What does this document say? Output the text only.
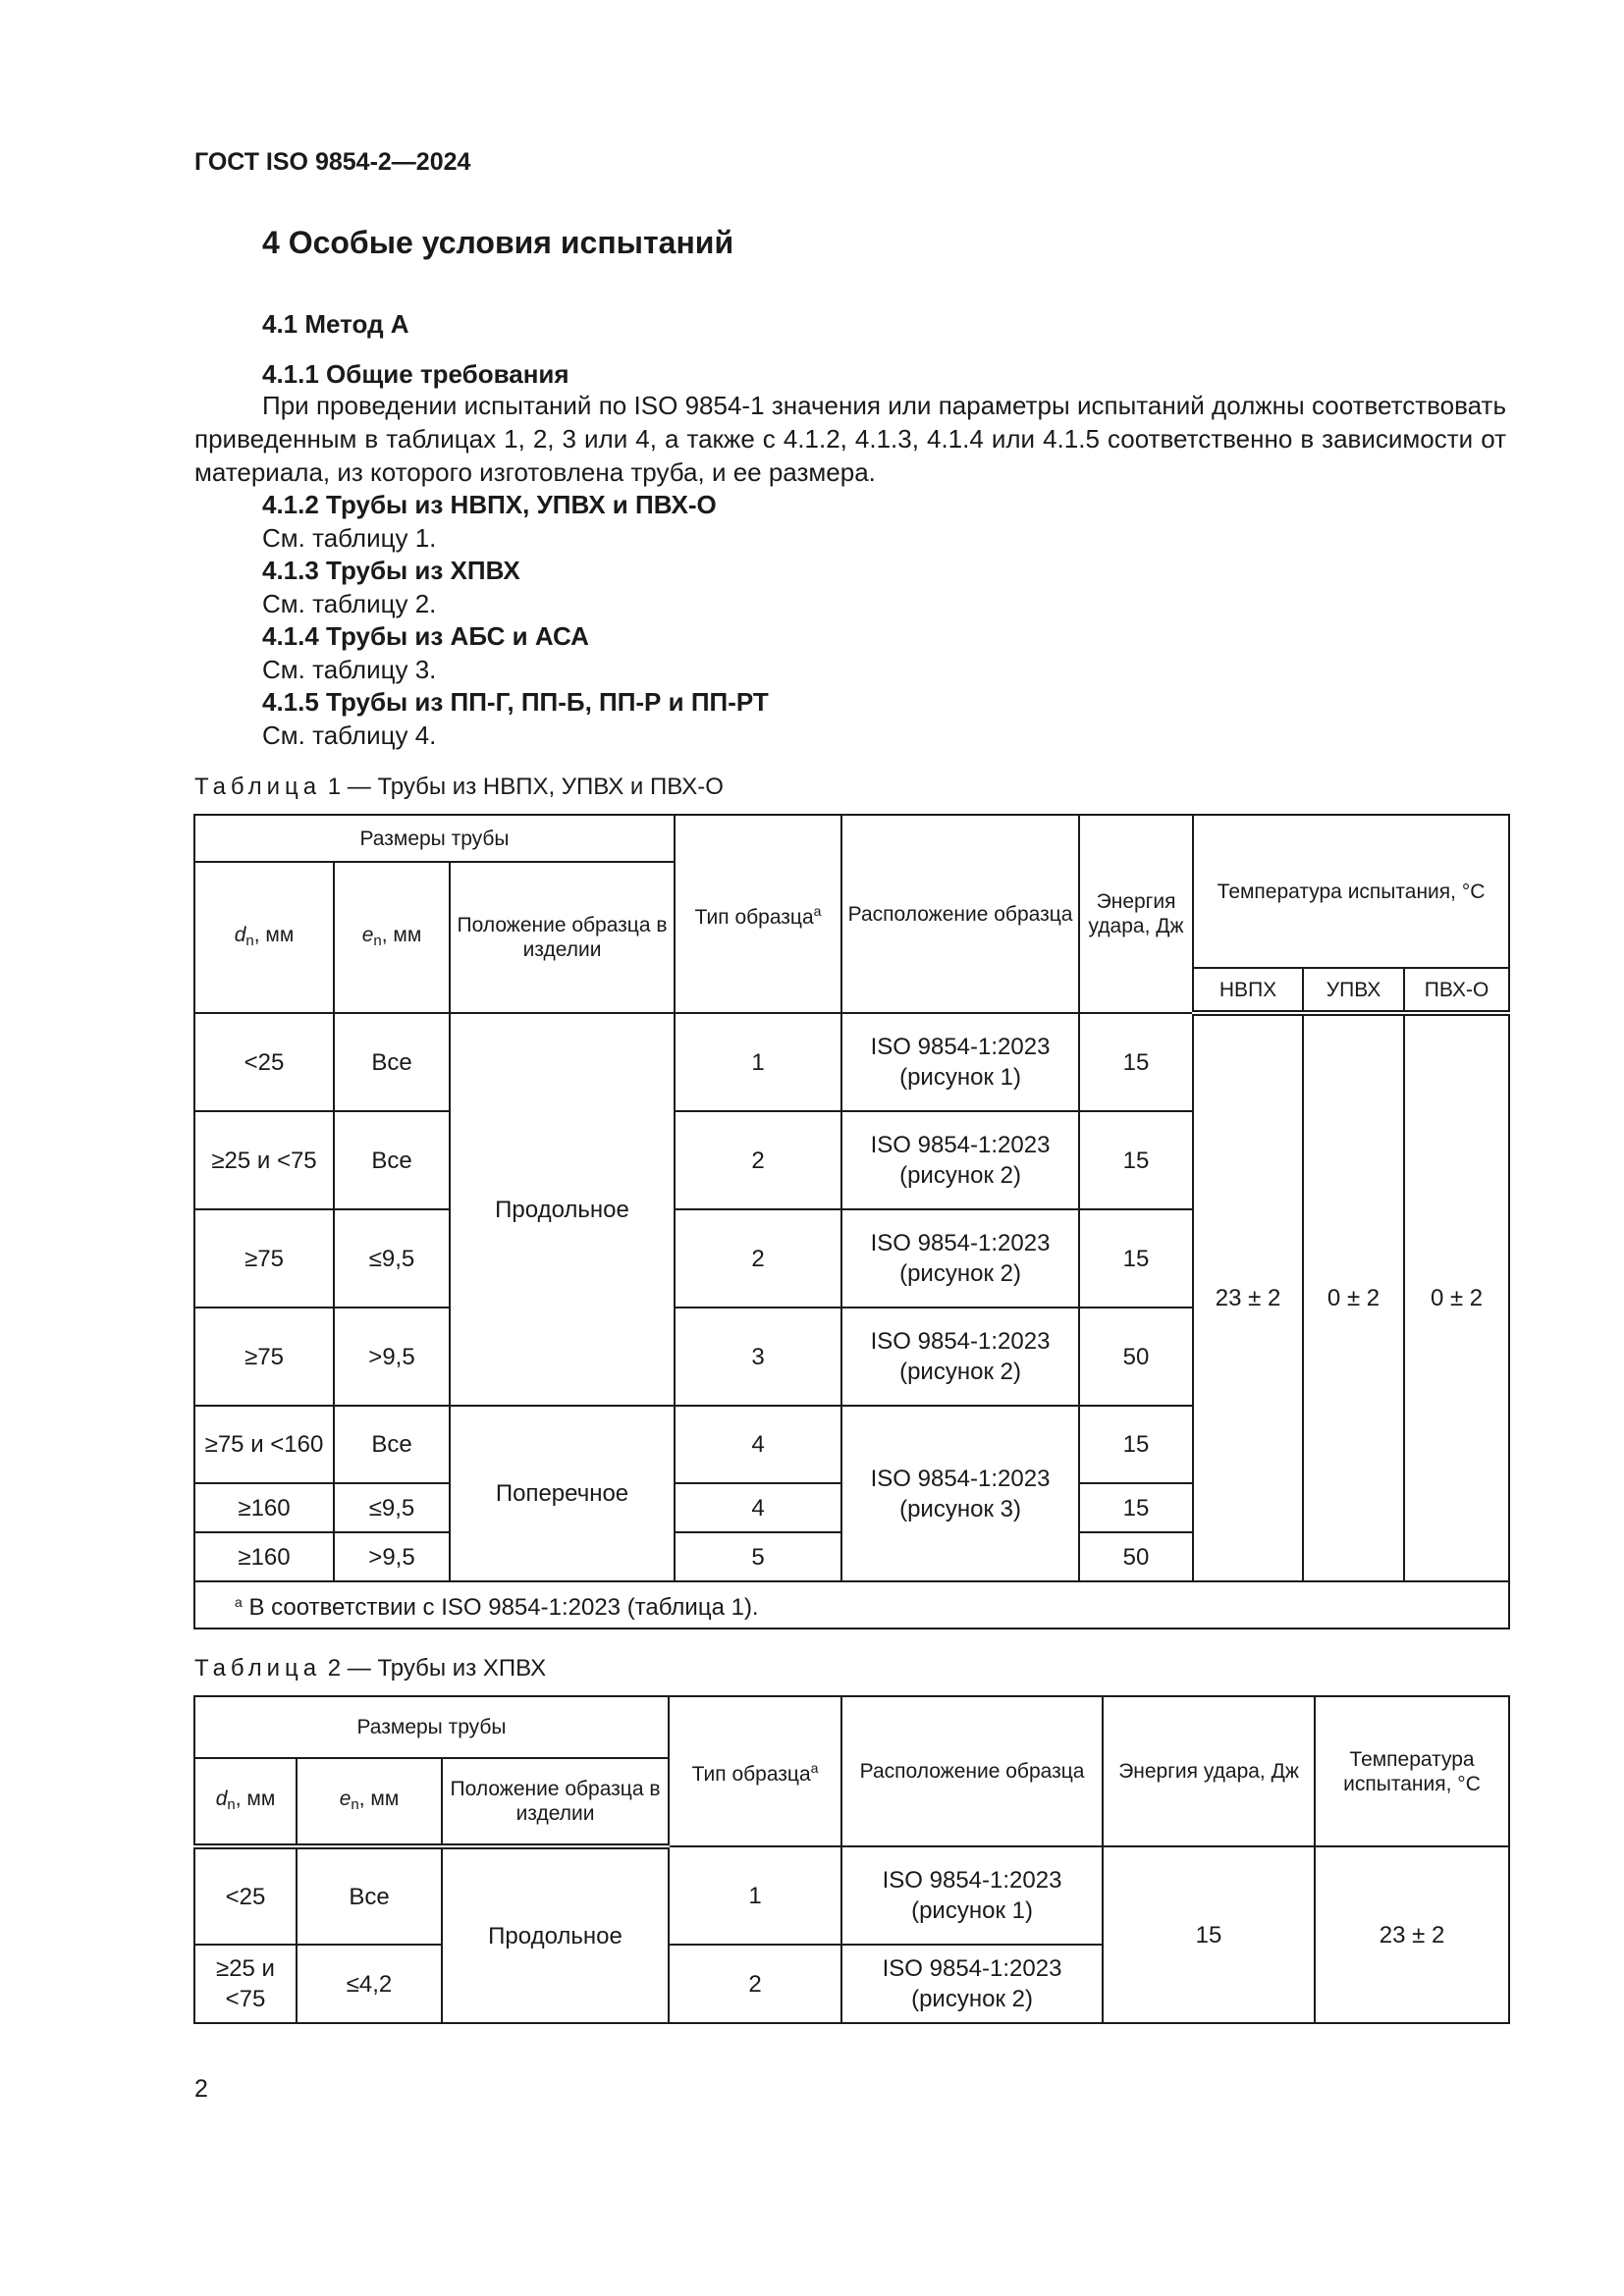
ГОСТ ISO 9854-2—2024
4 Особые условия испытаний
4.1 Метод А
4.1.1 Общие требования
При проведении испытаний по ISO 9854-1 значения или параметры испытаний должны соответствовать приведенным в таблицах 1, 2, 3 или 4, а также с 4.1.2, 4.1.3, 4.1.4 или 4.1.5 соответственно в зависимости от материала, из которого изготовлена труба, и ее размера.
4.1.2 Трубы из НВПХ, УПВХ и ПВХ-О
См. таблицу 1.
4.1.3 Трубы из ХПВХ
См. таблицу 2.
4.1.4 Трубы из АБС и АСА
См. таблицу 3.
4.1.5 Трубы из ПП-Г, ПП-Б, ПП-Р и ПП-РТ
См. таблицу 4.
Таблица 1 — Трубы из НВПХ, УПВХ и ПВХ-О
Размеры трубы			Тип образца$^a$	Расположение образца	Энергия удара, Дж	Температура испытания, °С		
$d_n$, мм	$e_n$, мм	Положение образца в изделии						
						НВПХ	УПВХ	ПВХ-О
<25	Все	Продольное	1	ISO 9854-1:2023 (рисунок 1)	15	23 ± 2	0 ± 2	0 ± 2
≥25 и <75	Все		2	ISO 9854-1:2023 (рисунок 2)	15			
≥75	≤9,5		2	ISO 9854-1:2023 (рисунок 2)	15			
≥75	>9,5		3	ISO 9854-1:2023 (рисунок 2)	50			
≥75 и <160	Все	Поперечное	4	ISO 9854-1:2023 (рисунок 3)	15			
≥160	≤9,5		4		15			
≥160	>9,5		5		50			
$^a$ В соответствии с ISO 9854-1:2023 (таблица 1).								
Таблица 2 — Трубы из ХПВХ
Размеры трубы			Тип образца$^a$	Расположение образца	Энергия удара, Дж	Температура испытания, °С
$d_n$, мм	$e_n$, мм	Положение образца в изделии				
<25	Все	Продольное	1	ISO 9854-1:2023 (рисунок 1)	15	23 ± 2
≥25 и <75	≤4,2		2	ISO 9854-1:2023 (рисунок 2)		
2
